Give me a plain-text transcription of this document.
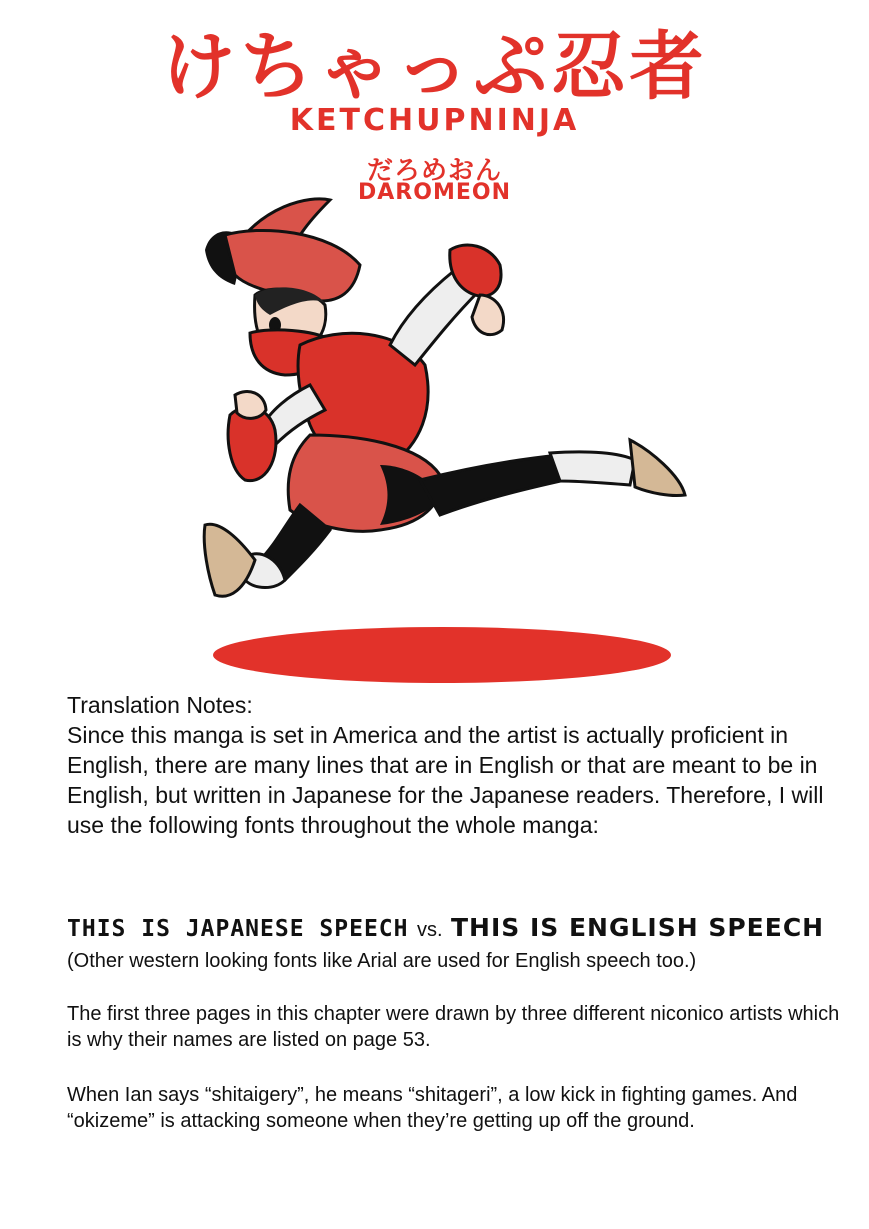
けちゃっぷ忍者
KETCHUPNINJA
だろめおん
DAROMEON

Translation Notes:

Since this manga is set in America and the artist is actually proficient in English, there are many lines that are in English or that are meant to be in English, but written in Japanese for the Japanese readers. Therefore, I will use the following fonts throughout the whole manga:

THIS IS JAPANESE SPEECH vs. THIS IS ENGLISH SPEECH
(Other western looking fonts like Arial are used for English speech too.)
The first three pages in this chapter were drawn by three different niconico artists which is why their names are listed on page 53.
When Ian says “shitaigery”, he means “shitageri”, a low kick in fighting games. And “okizeme” is attacking someone when they’re getting up off the ground.
